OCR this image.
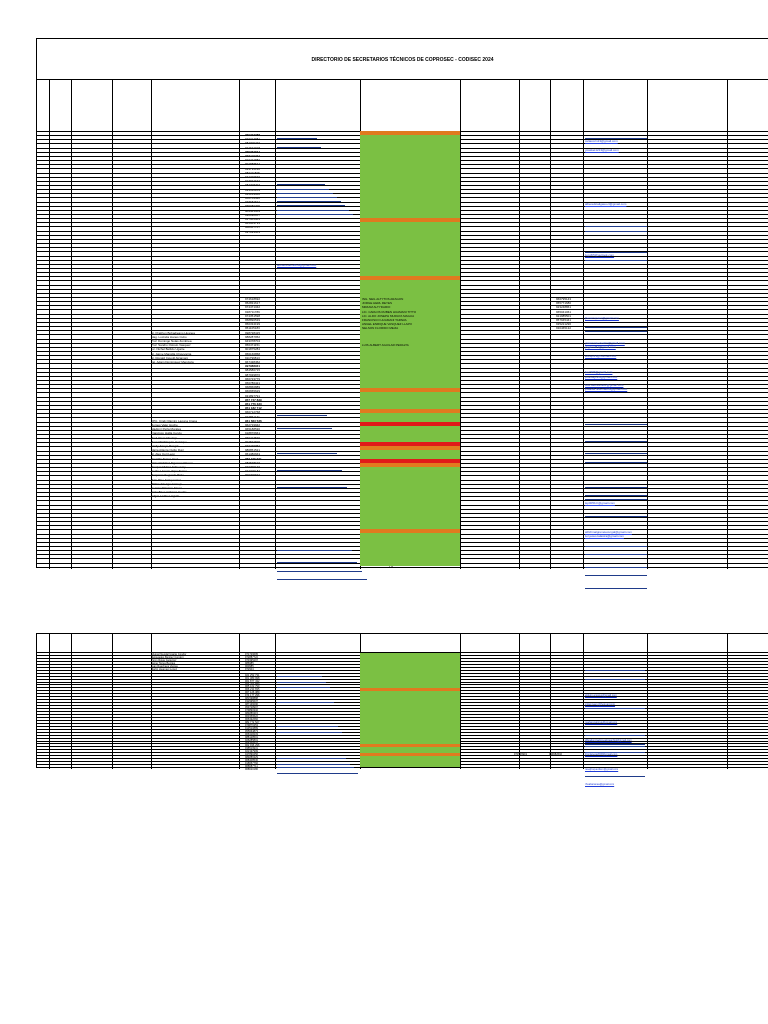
DIRECTORIO DE SECRETARIOS TÉCNICOS DE COPROSEC - CODISEC 2024
950223388
973317981
984009233
934672928
955362844
958215367
923234883
992888544
993795130
983211505
942720673
927934643
987308297
993326209
935149666
956784422
968683532
965986795
984441609
996890857
917605681
945963791
968667707
997893603
apiramedon2019@gmail.com
974618692
952831617
974471342
938711789
974351598
958896539
950334199
951105183
998728415
988287952
943378704
956471151
901875284
956166858
911799813
967438452
997988931
984586715
987939876
966723779
956786421
968866889
966655629
931897791
957 747 839
951 776 333
951 182 712
966712768
937861171
961 663 536
962719942
965188530
918876661
966427570
994532815
973476052
986851521
951380663
962 155 521
983578193
973799133
974005187
990709632
Sr. Prakhun Bobadieano Huanea
Mag. Lucinda Llanes Cubo
Prof. Domingo Nolas Zombrea
Prof. Sandro Ostrelo Vasquez
Lic. Nichel Bellido Ugarte
Sr. Jaime Mansilla Chavivarria
Sr. Ronald Cayotil Alcamani
Ing. Adam Dominguez Mendoza
CPC. Cindy Ramiro Laguna Crapa
Romeo Valer Huche
Eladimir Peña Morales
Francisco Huilla Cervio
Raul Yauri Chuclaje
Juan Chichinquin Huarique
Fredy Arroyo Pongal
Maria Atlanta Quillo Ruiz
Sr. Alex Cori Leon
Osvaldo Torres Cruz
Sixto Ordoñez Figueroa Ramos
Joaquin Mutisa Echeverry
Neidie Hernan Zapa Torres
Benjamin Segundo Pinto
Julio Pino Enriquezcar
Walter Arteaga Cornejo
Hernan Palacios Frisca
Cinia Baes Cabrera Cuello
Edgar Ladines Aguilo
ING. NEIL ALTYTOS ARAGON
JORGE HERL REYES
MIRIAM ALTYDARIO
LIC. CARLOS RUBEN HUAMANI TITTO
LIC. ALDO JOSEPH MURAYA MAGUA
FRANCISCO HUAMANI TAPARA
ANGEL ENRIQUE VASQUEZ LLAPO
NELSON FLORIDO MEJIA
LUIS ALBERT AGUILAR PERALTA
966795143
955771680
923248861
965041061
921985501
957945441
935221296
930465132
celiacorin13@gmail.com
yoasket1213@gmail.com
alberedicaligasu.cl@gmail.com
lugoftt5@outlook.com
jhoneiropaex@gmail.com
ysaerucaevieskin@gmail.com
ysgarod61@gmail.com
ecespi13@hotmail.com
luu7266@gmail.com
josevagraf9@gmail.com
luisrvaloresvalor@gmail.com
jnwalds.hrderra008@gmail.com
lep005b.h@gmail.com
aRchmalgrenetecurgal@gmail.com
luz.jesus.lalastra@gmail.com
1/2
Ahuinel Neodal Ugarte Condor
Melquiades Benitez Condori
Percy Rojas Gutierrez
Jaime Torres Benites
Juan Ruachaca Vargas
Martin Huamani Lopez
971729695
972887722
973395297
986985
960985
972904
921 252 731
961 380 998
961 877 432
964 207 889
965 162 799
966 233 835
967 126 389
974 177 296
981598888
932995637
987136090
959728997
979890332
984886315
963359522
966392682
982 772 527
979876353
913510889
955664873
966318233
988128501
926285801
956796534
962 936 296
938519931
922197999
947890456
984886329
968408536
918657766
968687711
968620186
elduiro.ansivus@gmail.com
jcdamnaury@hotmail.com
marlarocaticrus@gmail.com
jdbradonizadorseabraanbtol@gmail.com
jhonlanera2006@gmail.com
resejhoquerdem@gmail.com
rhuabaranea@gmail.com
971506919	939682602
